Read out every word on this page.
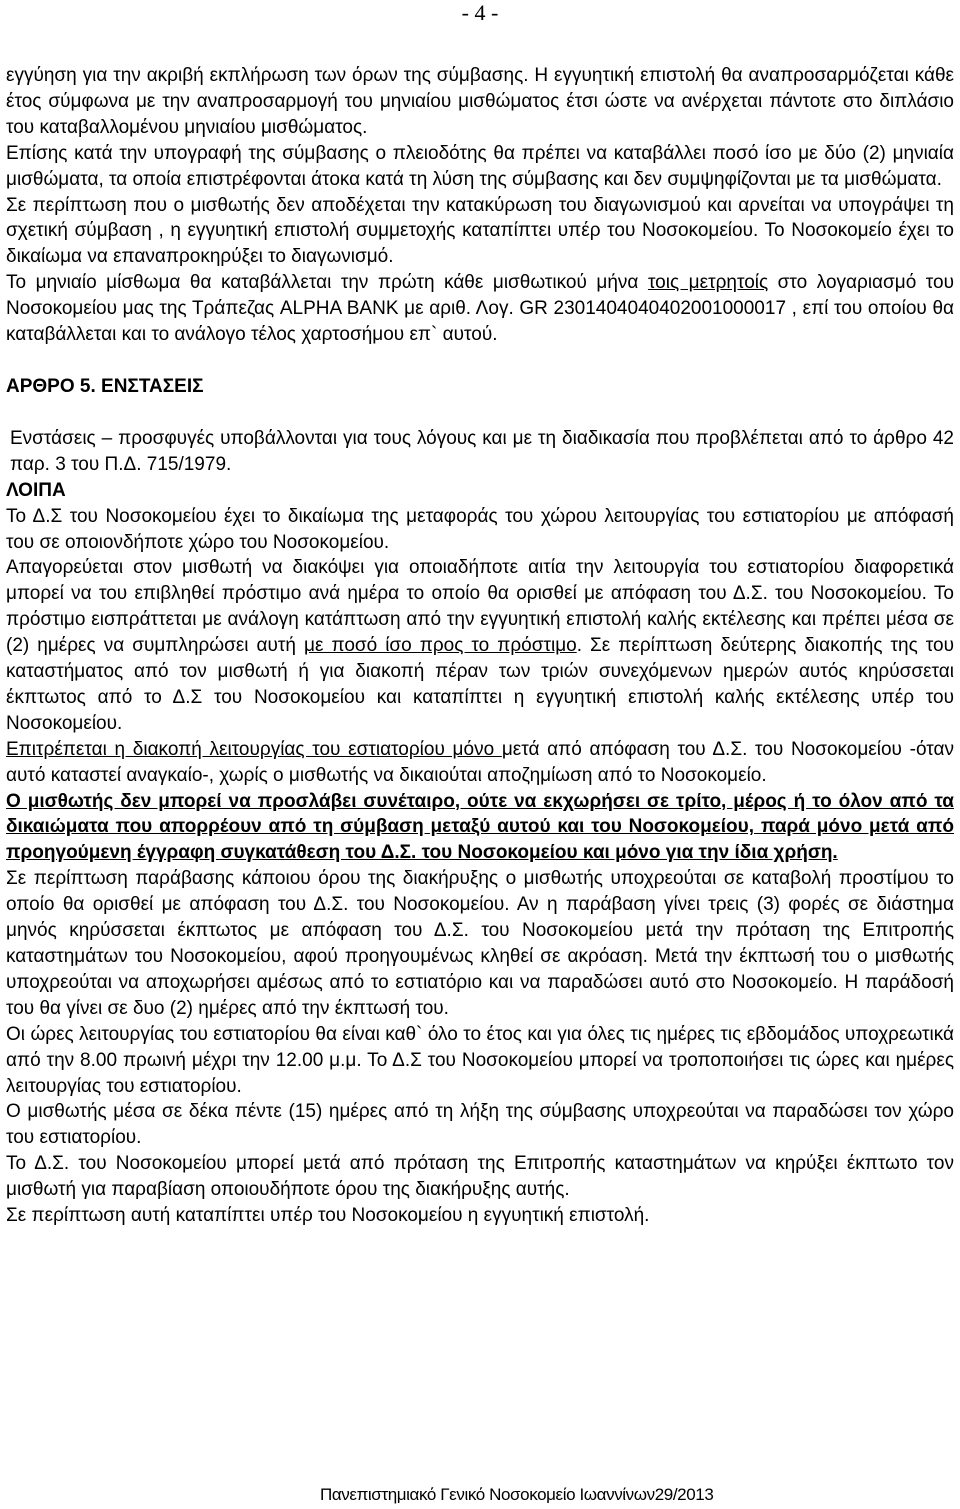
- 4 -

εγγύηση για την ακριβή εκπλήρωση των όρων της σύμβασης. Η εγγυητική επιστολή θα αναπροσαρμόζεται κάθε έτος σύμφωνα με την αναπροσαρμογή του μηνιαίου μισθώματος έτσι ώστε να ανέρχεται πάντοτε στο διπλάσιο του καταβαλλομένου μηνιαίου μισθώματος.

Επίσης κατά την υπογραφή της σύμβασης ο πλειοδότης θα πρέπει να καταβάλλει ποσό ίσο με δύο (2) μηνιαία μισθώματα, τα οποία επιστρέφονται άτοκα κατά τη λύση της σύμβασης και δεν συμψηφίζονται με τα μισθώματα.

Σε περίπτωση που ο μισθωτής δεν αποδέχεται την κατακύρωση του διαγωνισμού και αρνείται να υπογράψει τη σχετική σύμβαση , η εγγυητική επιστολή συμμετοχής καταπίπτει υπέρ του Νοσοκομείου. Το Νοσοκομείο έχει το δικαίωμα να επαναπροκηρύξει το διαγωνισμό.

Το μηνιαίο μίσθωμα θα καταβάλλεται την πρώτη κάθε μισθωτικού μήνα τοις μετρητοίς στο λογαριασμό του Νοσοκομείου μας της Τράπεζας ALPHA BANK με αριθ. Λογ. GR 2301404040402001000017 , επί του οποίου θα καταβάλλεται και το ανάλογο τέλος χαρτοσήμου επ` αυτού.

ΑΡΘΡΟ 5. ΕΝΣΤΑΣΕΙΣ

Ενστάσεις – προσφυγές υποβάλλονται για τους λόγους και με τη διαδικασία που προβλέπεται από το άρθρο 42 παρ. 3 του Π.Δ. 715/1979.

ΛΟΙΠΑ

Το Δ.Σ του Νοσοκομείου έχει το δικαίωμα της μεταφοράς του χώρου λειτουργίας του εστιατορίου με απόφασή του σε οποιονδήποτε χώρο του Νοσοκομείου.

Απαγορεύεται στον μισθωτή να διακόψει για οποιαδήποτε αιτία την λειτουργία του εστιατορίου διαφορετικά μπορεί να του επιβληθεί πρόστιμο ανά ημέρα το οποίο θα ορισθεί με απόφαση του Δ.Σ. του Νοσοκομείου. Το πρόστιμο εισπράττεται με ανάλογη κατάπτωση από την εγγυητική επιστολή καλής εκτέλεσης και πρέπει μέσα σε (2) ημέρες να συμπληρώσει αυτή με ποσό ίσο προς το πρόστιμο. Σε περίπτωση δεύτερης διακοπής της του καταστήματος από τον μισθωτή ή για διακοπή πέραν των τριών συνεχόμενων ημερών αυτός κηρύσσεται έκπτωτος από το Δ.Σ του Νοσοκομείου και καταπίπτει η εγγυητική επιστολή καλής εκτέλεσης υπέρ του Νοσοκομείου.

Επιτρέπεται η διακοπή λειτουργίας του εστιατορίου μόνο μετά από απόφαση του Δ.Σ. του Νοσοκομείου -όταν αυτό καταστεί αναγκαίο-, χωρίς ο μισθωτής να δικαιούται αποζημίωση από το Νοσοκομείο.

Ο μισθωτής δεν μπορεί να προσλάβει συνέταιρο, ούτε να εκχωρήσει σε τρίτο, μέρος ή το όλον από τα δικαιώματα που απορρέουν από τη σύμβαση μεταξύ αυτού και του Νοσοκομείου, παρά μόνο μετά από προηγούμενη έγγραφη συγκατάθεση του Δ.Σ. του Νοσοκομείου και μόνο για την ίδια χρήση.

Σε περίπτωση παράβασης κάποιου όρου της διακήρυξης ο μισθωτής υποχρεούται σε καταβολή προστίμου το οποίο θα ορισθεί με απόφαση του Δ.Σ. του Νοσοκομείου. Αν η παράβαση γίνει τρεις (3) φορές σε διάστημα μηνός κηρύσσεται έκπτωτος με απόφαση του Δ.Σ. του Νοσοκομείου μετά την πρόταση της Επιτροπής καταστημάτων του Νοσοκομείου, αφού προηγουμένως κληθεί σε ακρόαση. Μετά την έκπτωσή του ο μισθωτής υποχρεούται να αποχωρήσει αμέσως από το εστιατόριο και να παραδώσει αυτό στο Νοσοκομείο. Η παράδοσή του θα γίνει σε δυο (2) ημέρες από την έκπτωσή του.

Οι ώρες λειτουργίας του εστιατορίου θα είναι καθ` όλο το έτος και για όλες τις ημέρες τις εβδομάδος υποχρεωτικά από την 8.00 πρωινή μέχρι την 12.00 μ.μ. Το Δ.Σ του Νοσοκομείου μπορεί να τροποποιήσει τις ώρες και ημέρες λειτουργίας του εστιατορίου.

Ο μισθωτής μέσα σε δέκα πέντε (15) ημέρες από τη λήξη της σύμβασης υποχρεούται να παραδώσει τον χώρο του εστιατορίου.

Το Δ.Σ. του Νοσοκομείου μπορεί μετά από πρόταση της Επιτροπής καταστημάτων να κηρύξει έκπτωτο τον μισθωτή για παραβίαση οποιουδήποτε όρου της διακήρυξης αυτής.

Σε περίπτωση αυτή καταπίπτει υπέρ του Νοσοκομείου η εγγυητική επιστολή.

Πανεπιστημιακό Γενικό Νοσοκομείο Ιωαννίνων29/2013
